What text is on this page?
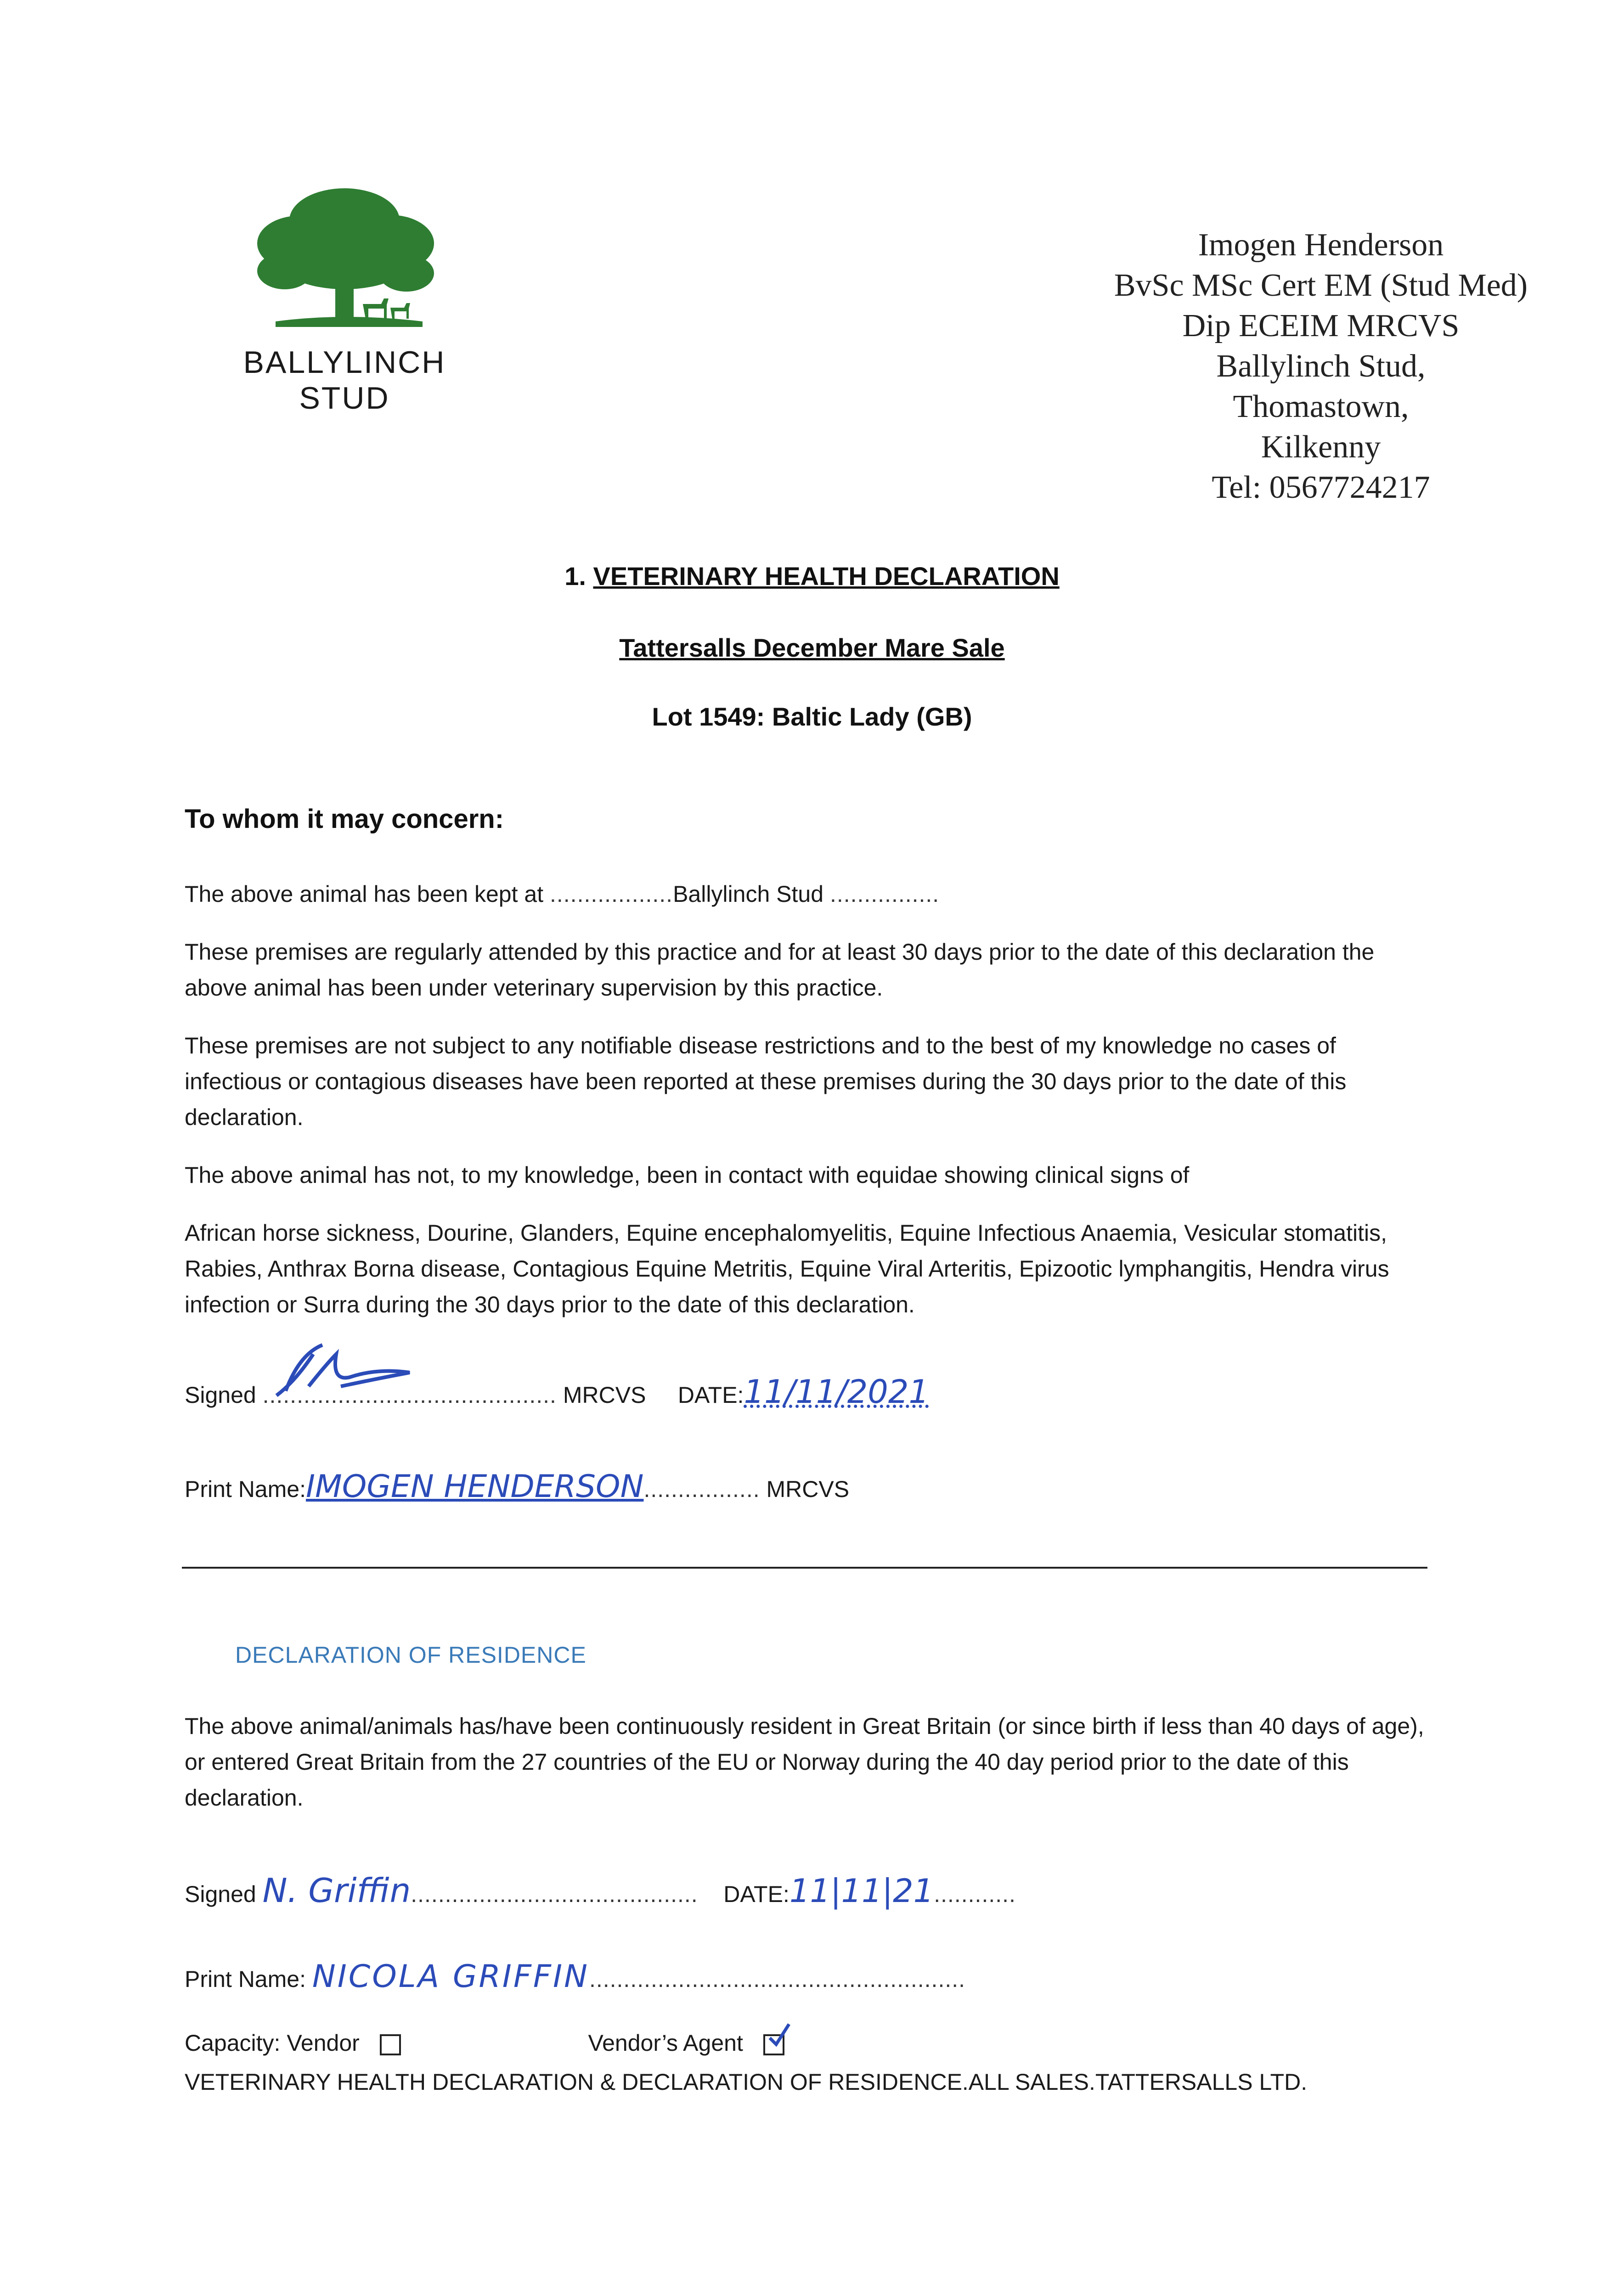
BALLYLINCH
STUD
Imogen Henderson
BvSc MSc Cert EM (Stud Med)
Dip ECEIM MRCVS
Ballylinch Stud,
Thomastown,
Kilkenny
Tel: 0567724217
1. VETERINARY HEALTH DECLARATION
Tattersalls December Mare Sale
Lot 1549: Baltic Lady (GB)
To whom it may concern:

The above animal has been kept at ..................Ballylinch Stud ................

These premises are regularly attended by this practice and for at least 30 days prior to the date of this declaration the above animal has been under veterinary supervision by this practice.

These premises are not subject to any notifiable disease restrictions and to the best of my knowledge no cases of infectious or contagious diseases have been reported at these premises during the 30 days prior to the date of this declaration.

The above animal has not, to my knowledge, been in contact with equidae showing clinical signs of

African horse sickness, Dourine, Glanders, Equine encephalomyelitis, Equine Infectious Anaemia, Vesicular stomatitis, Rabies, Anthrax Borna disease, Contagious Equine Metritis, Equine Viral Arteritis, Epizootic lymphangitis, Hendra virus infection or Surra during the 30 days prior to the date of this declaration.

Signed ........................................... MRCVS DATE:11/11/2021
Print Name:IMOGEN HENDERSON................. MRCVS
DECLARATION OF RESIDENCE

The above animal/animals has/have been continuously resident in Great Britain (or since birth if less than 40 days of age), or entered Great Britain from the 27 countries of the EU or Norway during the 40 day period prior to the date of this declaration.

Signed N. Griffin.......................................... DATE:11|11|21............
Print Name: NICOLA GRIFFIN.......................................................
Capacity: Vendor	Vendor’s Agent
VETERINARY HEALTH DECLARATION & DECLARATION OF RESIDENCE.ALL SALES.TATTERSALLS LTD.
